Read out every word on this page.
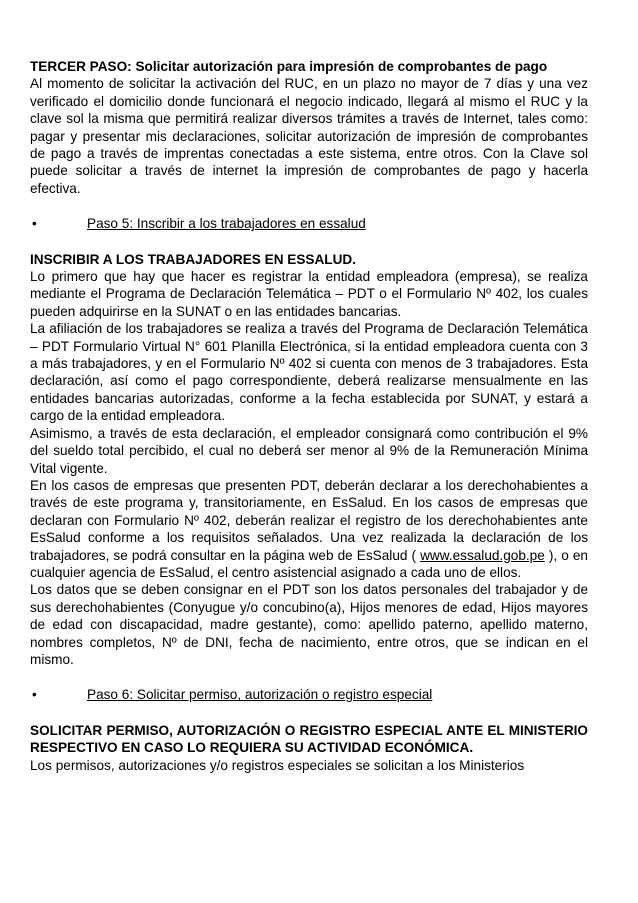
TERCER PASO: Solicitar autorización para impresión de comprobantes de pago

Al momento de solicitar la activación del RUC, en un plazo no mayor de 7 días y una vez verificado el domicilio donde funcionará el negocio indicado, llegará al mismo el RUC y la clave sol la misma que permitirá realizar diversos trámites a través de Internet, tales como: pagar y presentar mis declaraciones, solicitar autorización de impresión de comprobantes de pago a través de imprentas conectadas a este sistema, entre otros. Con la Clave sol puede solicitar a través de internet la impresión de comprobantes de pago y hacerla efectiva.

•	Paso 5: Inscribir a los trabajadores en essalud

INSCRIBIR A LOS TRABAJADORES EN ESSALUD.

Lo primero que hay que hacer es registrar la entidad empleadora (empresa), se realiza mediante el Programa de Declaración Telemática – PDT o el Formulario Nº 402, los cuales pueden adquirirse en la SUNAT o en las entidades bancarias.

La afiliación de los trabajadores se realiza a través del Programa de Declaración Telemática – PDT Formulario Virtual N° 601 Planilla Electrónica, si la entidad empleadora cuenta con 3 a más trabajadores, y en el Formulario Nº 402 si cuenta con menos de 3 trabajadores. Esta declaración, así como el pago correspondiente, deberá realizarse mensualmente en las entidades bancarias autorizadas, conforme a la fecha establecida por SUNAT, y estará a cargo de la entidad empleadora.

Asimismo, a través de esta declaración, el empleador consignará como contribución el 9% del sueldo total percibido, el cual no deberá ser menor al 9% de la Remuneración Mínima Vital vigente.

En los casos de empresas que presenten PDT, deberán declarar a los derechohabientes a través de este programa y, transitoriamente, en EsSalud. En los casos de empresas que declaran con Formulario Nº 402, deberán realizar el registro de los derechohabientes ante EsSalud conforme a los requisitos señalados. Una vez realizada la declaración de los trabajadores, se podrá consultar en la página web de EsSalud ( www.essalud.gob.pe ), o en cualquier agencia de EsSalud, el centro asistencial asignado a cada uno de ellos.

Los datos que se deben consignar en el PDT son los datos personales del trabajador y de sus derechohabientes (Conyugue y/o concubino(a), Hijos menores de edad, Hijos mayores de edad con discapacidad, madre gestante), como: apellido paterno, apellido materno, nombres completos, Nº de DNI, fecha de nacimiento, entre otros, que se indican en el mismo.

•	Paso 6: Solicitar permiso, autorización o registro especial

SOLICITAR PERMISO, AUTORIZACIÓN O REGISTRO ESPECIAL ANTE EL MINISTERIO RESPECTIVO EN CASO LO REQUIERA SU ACTIVIDAD ECONÓMICA.

Los permisos, autorizaciones y/o registros especiales se solicitan a los Ministerios
